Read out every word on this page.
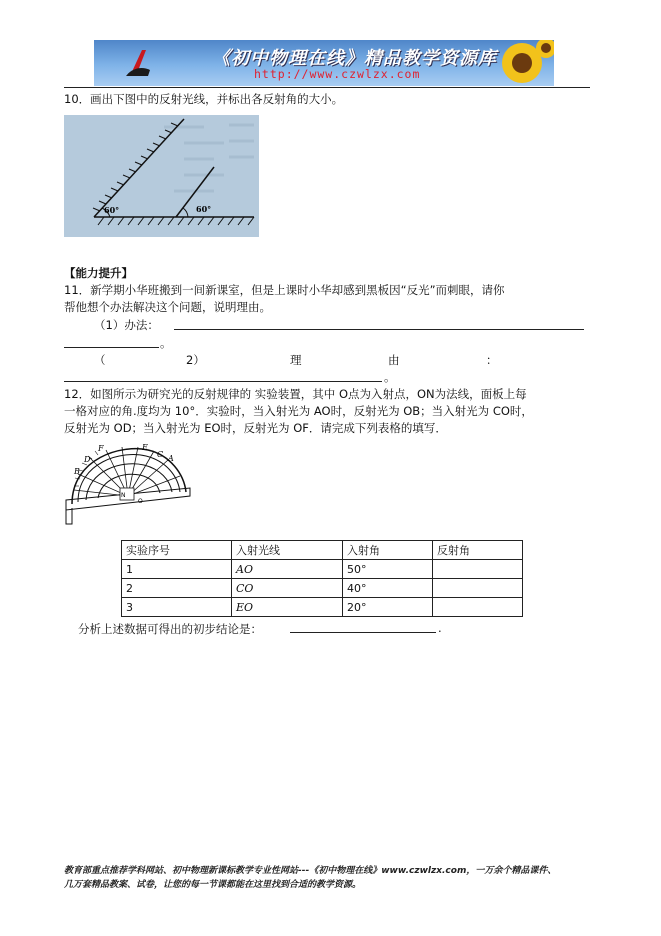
《初中物理在线》精品教学资源库
http://www.czwlzx.com
10．画出下图中的反射光线，并标出各反射角的大小。
60°	60°
【能力提升】
11．新学期小华班搬到一间新课室，但是上课时小华却感到黑板因“反光”而刺眼，请你
帮他想个办法解决这个问题，说明理由。
（1）办法：
。
（	2）	理	由	：
。
12．如图所示为研究光的反射规律的 实验装置，其中 O点为入射点，ON为法线，面板上每
一格对应的角.度均为 10°．实验时，当入射光为 AO时，反射光为 OB；当入射光为 CO时，
反射光为 OD；当入射光为 EO时，反射光为 OF．请完成下列表格的填写．
N
O
B
D
F	E
C A
实验序号	入射光线	入射角	反射角
1	AO	50°	
2	CO	40°	
3	EO	20°	
分析上述数据可得出的初步结论是：	.
教育部重点推荐学科网站、初中物理新课标教学专业性网站---《初中物理在线》www.czwlzx.com，一万余个精品课件、
几万套精品教案、试卷，让您的每一节课都能在这里找到合适的教学资源。
